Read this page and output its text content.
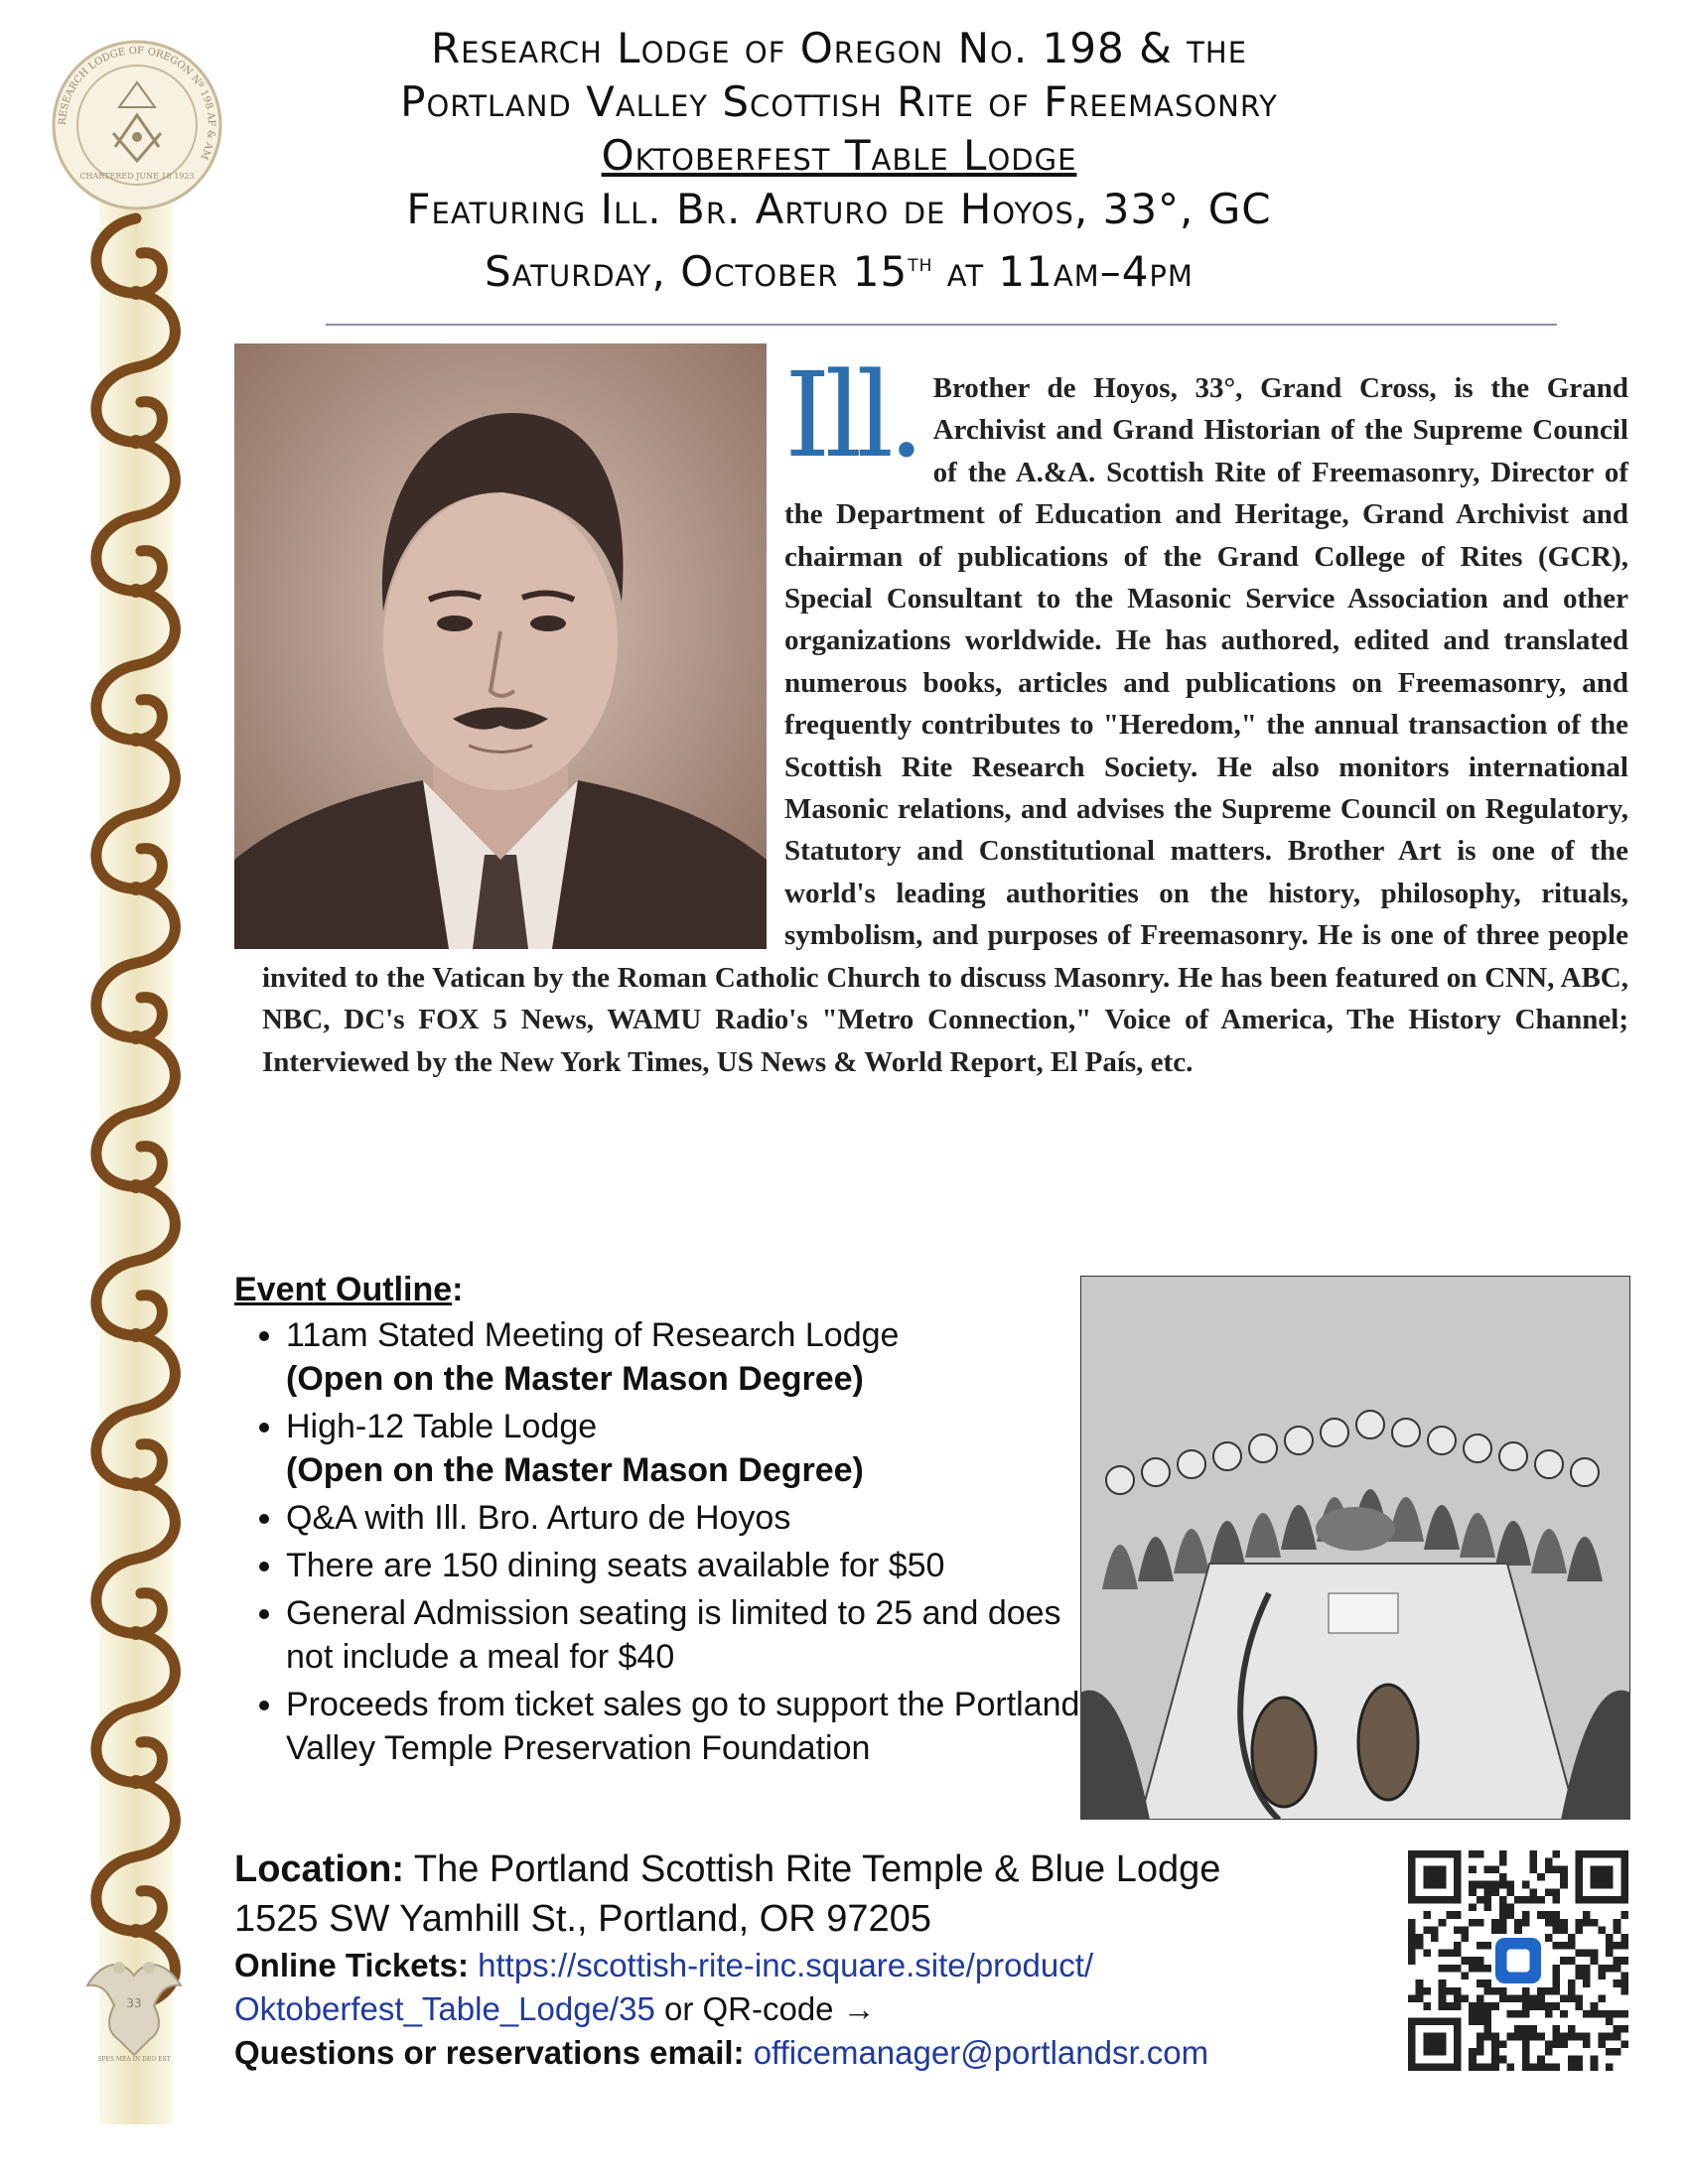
RESEARCH LODGE OF OREGON Nº 198 AF & AM
CHARTERED JUNE 18 1923
33
SPES MEA IN DEO EST

Research Lodge of Oregon No. 198 & the

Portland Valley Scottish Rite of Freemasonry

Oktoberfest Table Lodge

Featuring Ill. Br. Arturo de Hoyos, 33°, GC

Saturday, October 15th at 11am–4pm

Ill. Brother de Hoyos, 33°, Grand Cross, is the Grand Archivist and Grand Historian of the Supreme Council of the A.&A. Scottish Rite of Freemasonry, Director of the Department of Education and Heritage, Grand Archivist and chairman of publications of the Grand College of Rites (GCR), Special Consultant to the Masonic Service Association and other organizations worldwide. He has authored, edited and translated numerous books, articles and publications on Freemasonry, and frequently contributes to "Heredom," the annual transaction of the Scottish Rite Research Society. He also monitors international Masonic relations, and advises the Supreme Council on Regulatory, Statutory and Constitutional matters. Brother Art is one of the world's leading authorities on the history, philosophy, rituals, symbolism, and purposes of Freemasonry. He is one of three people invited to the Vatican by the Roman Catholic Church to discuss Masonry. He has been featured on CNN, ABC, NBC, DC's FOX 5 News, WAMU Radio's "Metro Connection," Voice of America, The History Channel; Interviewed by the New York Times, US News & World Report, El País, etc.

Event Outline:

• 11am Stated Meeting of Research Lodge
(Open on the Master Mason Degree)
• High-12 Table Lodge
(Open on the Master Mason Degree)
• Q&A with Ill. Bro. Arturo de Hoyos
• There are 150 dining seats available for $50
• General Admission seating is limited to 25 and does not include a meal for $40
• Proceeds from ticket sales go to support the Portland Valley Temple Preservation Foundation

Location: The Portland Scottish Rite Temple & Blue Lodge

1525 SW Yamhill St., Portland, OR 97205

Online Tickets: https://scottish-rite-inc.square.site/product/

Oktoberfest_Table_Lodge/35 or QR-code →

Questions or reservations email: officemanager@portlandsr.com
